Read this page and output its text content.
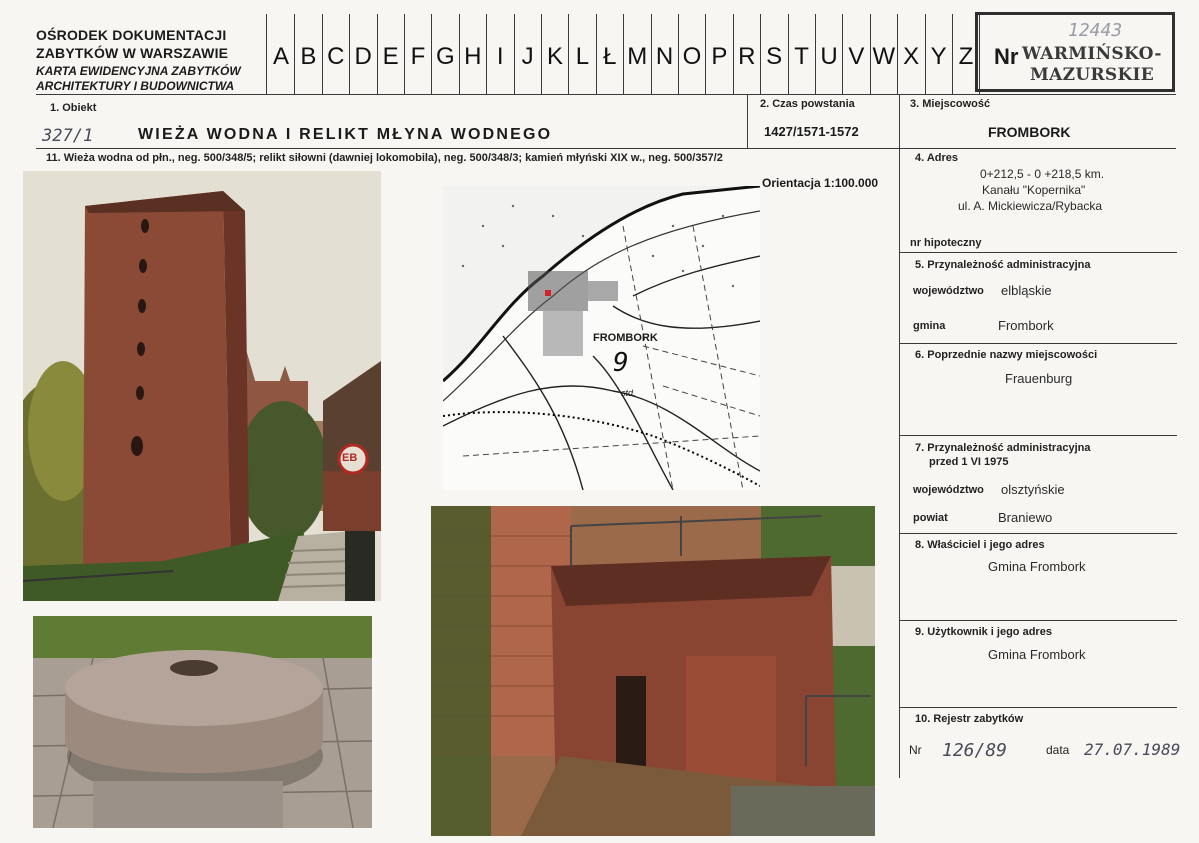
OŚRODEK DOKUMENTACJI
ZABYTKÓW W WARSZAWIE
KARTA EWIDENCYJNA ZABYTKÓW
ARCHITEKTURY I BUDOWNICTWA
A B C D E F G H I J K L Ł M N O P R S T U V W X Y Z Nr WARMIŃSKO-
MAZURSKIE
12443
1. Obiekt
327/1	WIEŻA WODNA I RELIKT MŁYNA WODNEGO
2. Czas powstania
1427/1571-1572
3. Miejscowość
FROMBORK
11. Wieża wodna od płn., neg. 500/348/5; relikt siłowni (dawniej lokomobila), neg. 500/348/3; kamień młyński XIX w., neg. 500/357/2
EB
Orientacja 1:100.000
FROMBORK
9
std.
4. Adres
0+212,5 - 0 +218,5 km.
Kanału "Kopernika"
ul. A. Mickiewicza/Rybacka
nr hipoteczny
5. Przynależność administracyjna
województwo elbląskie
gmina	Frombork
6. Poprzednie nazwy miejscowości
Frauenburg
7. Przynależność administracyjna
przed 1 VI 1975
województwo olsztyńskie
powiat	Braniewo
8. Właściciel i jego adres
Gmina Frombork
9. Użytkownik i jego adres
Gmina Frombork
10. Rejestr zabytków
Nr 126/89	data 27.07.1989
